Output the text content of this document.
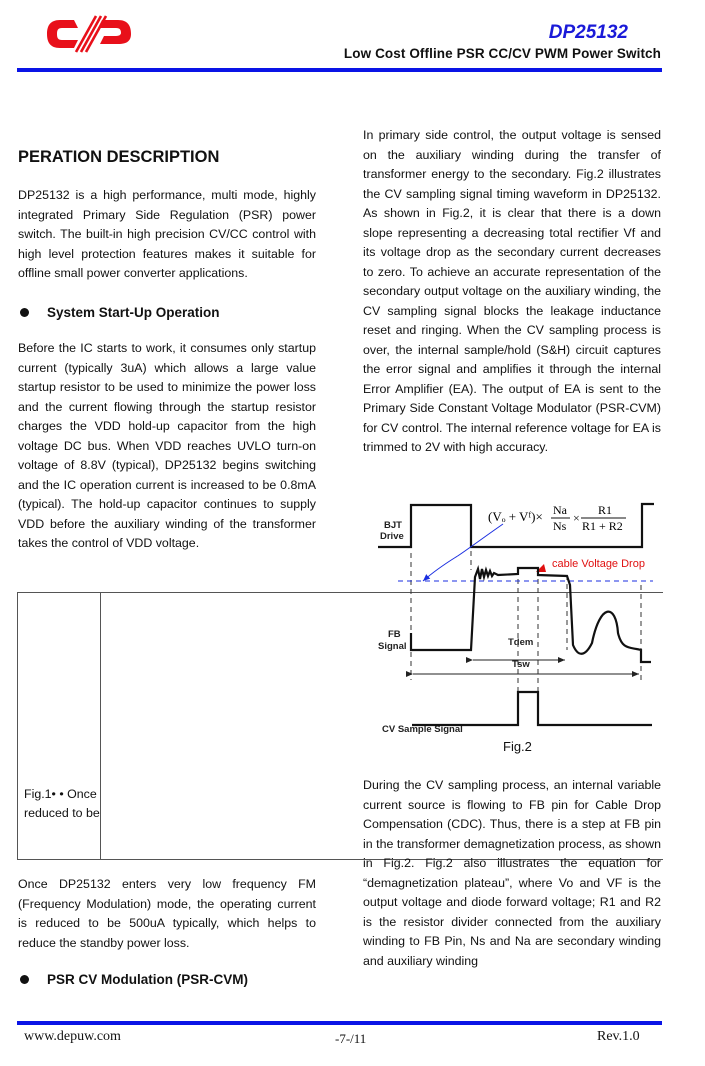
DP25132
Low Cost Offline PSR CC/CV PWM Power Switch
PERATION DESCRIPTION
DP25132 is a high performance, multi mode, highly integrated Primary Side Regulation (PSR) power switch. The built-in high precision CV/CC control with high level protection features makes it suitable for offline small power converter applications.
System Start-Up Operation
Before the IC starts to work, it consumes only startup current (typically 3uA) which allows a large value startup resistor to be used to minimize the power loss and the current flowing through the startup resistor charges the VDD hold-up capacitor from the high voltage DC bus. When VDD reaches UVLO turn-on voltage of 8.8V (typical), DP25132 begins switching and the IC operation current is increased to be 0.8mA (typical). The hold-up capacitor continues to supply VDD before the auxiliary winding of the transformer takes the control of VDD voltage.
Fig.1• • Once
reduced to be
Once DP25132 enters very low frequency FM (Frequency Modulation) mode, the operating current is reduced to be 500uA typically, which helps to reduce the standby power loss.
PSR CV Modulation (PSR-CVM)
In primary side control, the output voltage is sensed on the auxiliary winding during the transfer of transformer energy to the secondary. Fig.2 illustrates the CV sampling signal timing waveform in DP25132. As shown in Fig.2, it is clear that there is a down slope representing a decreasing total rectifier Vf and its voltage drop as the secondary current decreases to zero. To achieve an accurate representation of the secondary output voltage on the auxiliary winding, the CV sampling signal blocks the leakage inductance reset and ringing. When the CV sampling process is over, the internal sample/hold (S&H) circuit captures the error signal and amplifies it through the internal Error Amplifier (EA). The output of EA is sent to the Primary Side Constant Voltage Modulator (PSR-CVM) for CV control. The internal reference voltage for EA is trimmed to 2V with high accuracy.
BJT
Drive
(Vₒ + Vᶠ)× Na
Ns
×
R1
R1 + R2
cable Voltage Drop
FB
Signal	Tdem
Tsw
CV Sample Signal
Fig.2
During the CV sampling process, an internal variable current source is flowing to FB pin for Cable Drop Compensation (CDC). Thus, there is a step at FB pin in the transformer demagnetization process, as shown in Fig.2. Fig.2 also illustrates the equation for “demagnetization plateau”, where Vo and VF is the output voltage and diode forward voltage; R1 and R2 is the resistor divider connected from the auxiliary winding to FB Pin, Ns and Na are secondary winding and auxiliary winding
www.depuw.com	-7-/11	Rev.1.0
